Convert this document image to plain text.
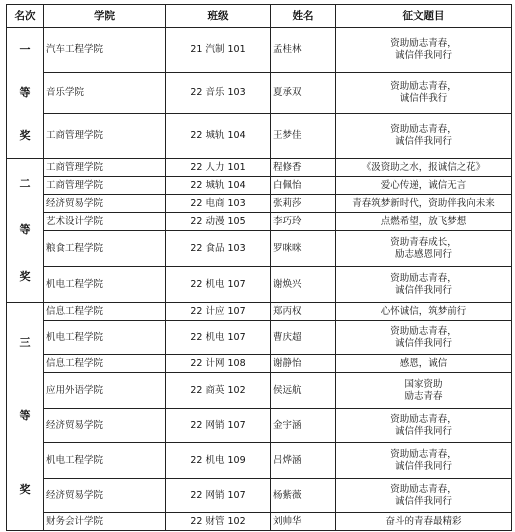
名次	学院	班级	姓名	征文题目

一
等
奖	汽车工程学院	21 汽制 101	孟桂林	资助励志青春，
诚信伴我同行

	音乐学院	22 音乐 103	夏承双	资助励志青春，
诚信伴我行

	工商管理学院	22 城轨 104	王梦佳	资助励志青春，
诚信伴我同行

二
等
奖	工商管理学院	22 人力 101	程修香	《汲资助之水，报诚信之花》

	工商管理学院	22 城轨 104	白佩怡	爱心传递，诚信无言

	经济贸易学院	22 电商 103	张莉莎	青春筑梦新时代，资助伴我向未来

	艺术设计学院	22 动漫 105	李巧玲	点燃希望，放飞梦想

	粮食工程学院	22 食品 103	罗咪咪	资助青春成长，
励志感恩同行

	机电工程学院	22 机电 107	谢焕兴	资助励志青春，
诚信伴我同行

三
等
奖	信息工程学院	22 计应 107	郑丙权	心怀诚信，筑梦前行

	机电工程学院	22 机电 107	曹庆超	资助励志青春，
诚信伴我同行

	信息工程学院	22 计网 108	谢静怡	感恩，诚信

	应用外语学院	22 商英 102	侯远航	国家资助
励志青春

	经济贸易学院	22 网销 107	金宇涵	资助励志青春，
诚信伴我同行

	机电工程学院	22 机电 109	吕烨涵	资助励志青春，
诚信伴我同行

	经济贸易学院	22 网销 107	杨紫薇	资助励志青春，
诚信伴我同行

	财务会计学院	22 财管 102	刘帅华	奋斗的青春最精彩
